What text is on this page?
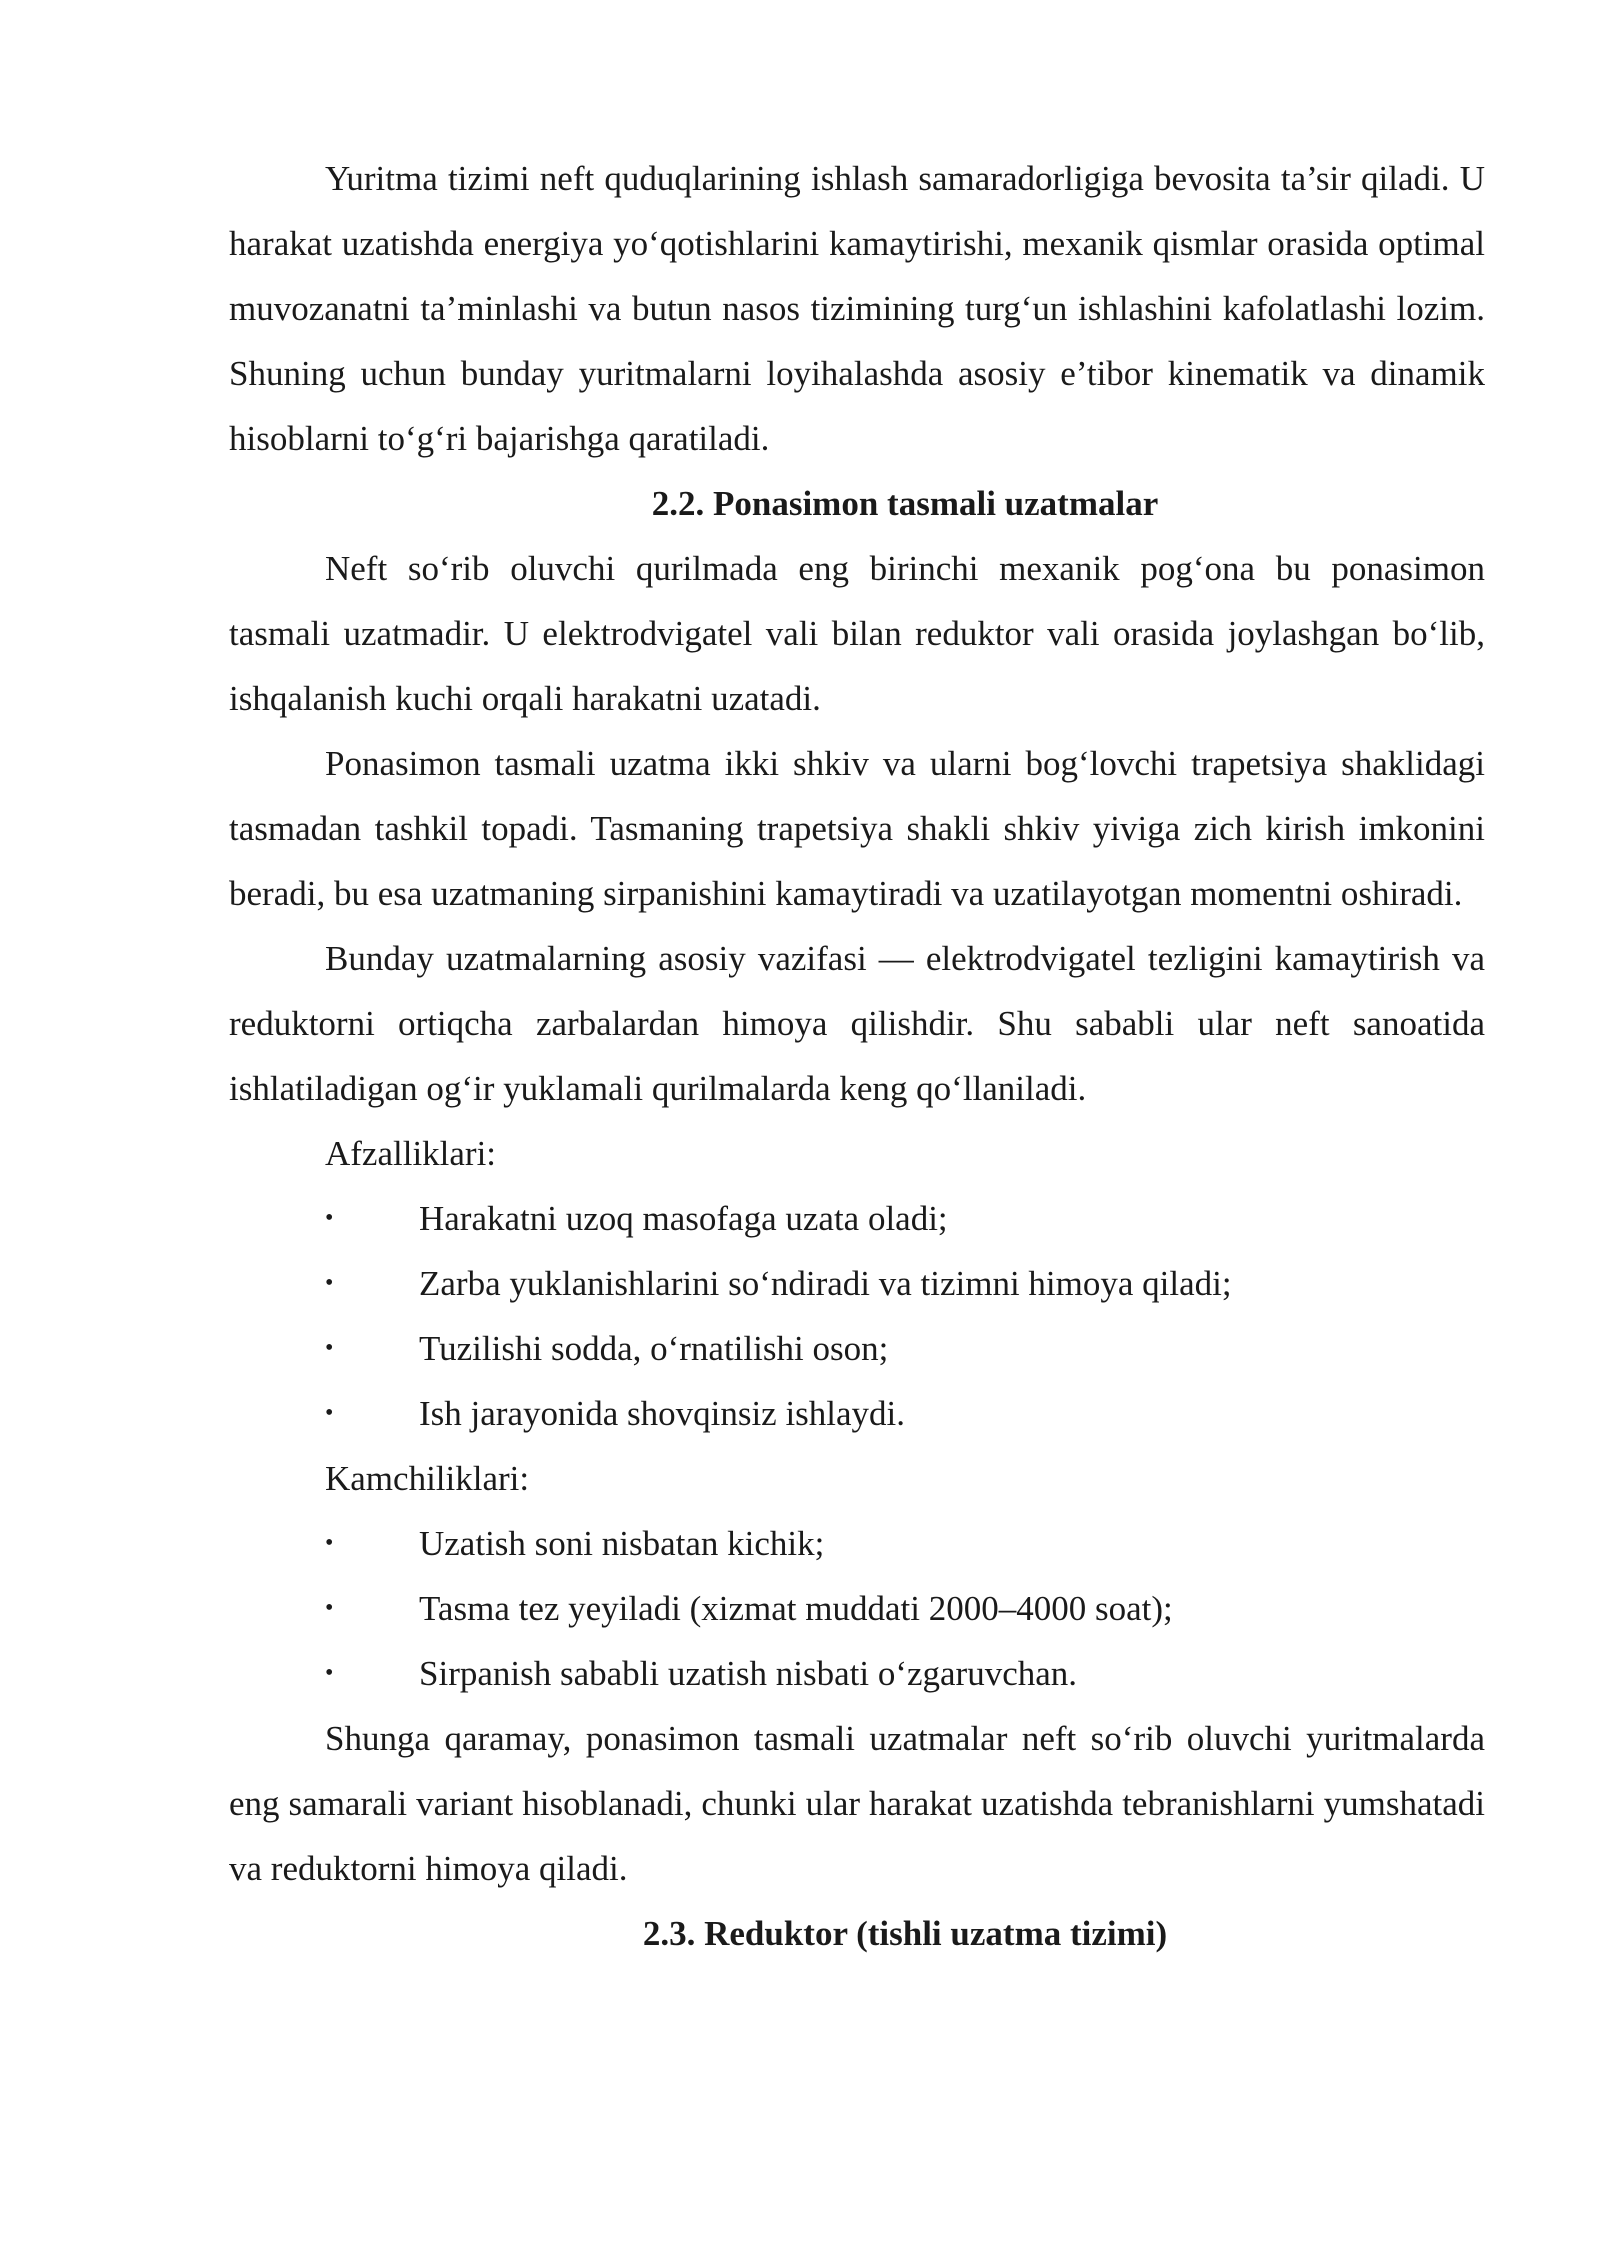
Yuritma tizimi neft quduqlarining ishlash samaradorligiga bevosita ta’sir qiladi. U harakat uzatishda energiya yo‘qotishlarini kamaytirishi, mexanik qismlar orasida optimal muvozanatni ta’minlashi va butun nasos tizimining turg‘un ishlashini kafolatlashi lozim. Shuning uchun bunday yuritmalarni loyihalashda asosiy e’tibor kinematik va dinamik hisoblarni to‘g‘ri bajarishga qaratiladi.

2.2. Ponasimon tasmali uzatmalar

Neft so‘rib oluvchi qurilmada eng birinchi mexanik pog‘ona bu ponasimon tasmali uzatmadir. U elektrodvigatel vali bilan reduktor vali orasida joylashgan bo‘lib, ishqalanish kuchi orqali harakatni uzatadi.

Ponasimon tasmali uzatma ikki shkiv va ularni bog‘lovchi trapetsiya shaklidagi tasmadan tashkil topadi. Tasmaning trapetsiya shakli shkiv yiviga zich kirish imkonini beradi, bu esa uzatmaning sirpanishini kamaytiradi va uzatilayotgan momentni oshiradi.

Bunday uzatmalarning asosiy vazifasi — elektrodvigatel tezligini kamaytirish va reduktorni ortiqcha zarbalardan himoya qilishdir. Shu sababli ular neft sanoatida ishlatiladigan og‘ir yuklamali qurilmalarda keng qo‘llaniladi.

Afzalliklari:

•	Harakatni uzoq masofaga uzata oladi;
•	Zarba yuklanishlarini so‘ndiradi va tizimni himoya qiladi;
•	Tuzilishi sodda, o‘rnatilishi oson;
•	Ish jarayonida shovqinsiz ishlaydi.

Kamchiliklari:

•	Uzatish soni nisbatan kichik;
•	Tasma tez yeyiladi (xizmat muddati 2000–4000 soat);
•	Sirpanish sababli uzatish nisbati o‘zgaruvchan.

Shunga qaramay, ponasimon tasmali uzatmalar neft so‘rib oluvchi yuritmalarda eng samarali variant hisoblanadi, chunki ular harakat uzatishda tebranishlarni yumshatadi va reduktorni himoya qiladi.

2.3. Reduktor (tishli uzatma tizimi)
